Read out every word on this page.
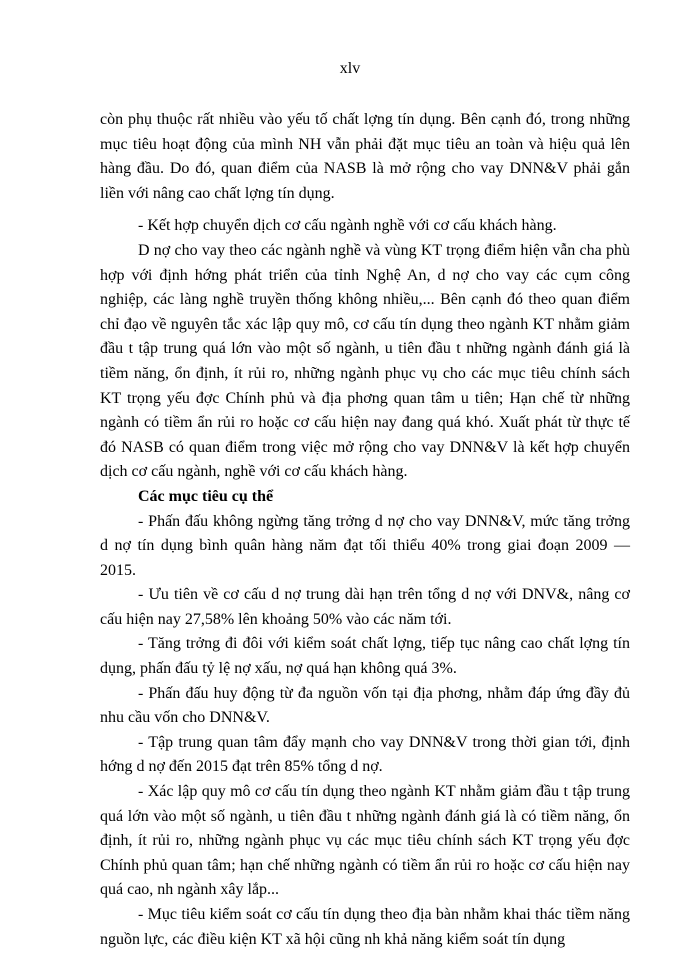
xlv

còn phụ thuộc rất nhiều vào yếu tố chất lợng tín dụng. Bên cạnh đó, trong những mục tiêu hoạt động của mình NH vẫn phải đặt mục tiêu an toàn và hiệu quả lên hàng đầu. Do đó, quan điểm của NASB là mở rộng cho vay DNN&V phải gắn liền với nâng cao chất lợng tín dụng.

- Kết hợp chuyển dịch cơ cấu ngành nghề với cơ cấu khách hàng.

D nợ cho vay theo các ngành nghề và vùng KT trọng điểm hiện vẫn cha phù hợp với định hớng phát triển của tỉnh Nghệ An, d nợ cho vay các cụm công nghiệp, các làng nghề truyền thống không nhiều,... Bên cạnh đó theo quan điểm chỉ đạo về nguyên tắc xác lập quy mô, cơ cấu tín dụng theo ngành KT nhằm giảm đầu t tập trung quá lớn vào một số ngành, u tiên đầu t những ngành đánh giá là tiềm năng, ổn định, ít rủi ro, những ngành phục vụ cho các mục tiêu chính sách KT trọng yếu đợc Chính phủ và địa phơng quan tâm u tiên; Hạn chế từ những ngành có tiềm ẩn rủi ro hoặc cơ cấu hiện nay đang quá khó. Xuất phát từ thực tế đó NASB có quan điểm trong việc mở rộng cho vay DNN&V là kết hợp chuyển dịch cơ cấu ngành, nghề với cơ cấu khách hàng.

Các mục tiêu cụ thể

- Phấn đấu không ngừng tăng trởng d nợ cho vay DNN&V, mức tăng trởng d nợ tín dụng bình quân hàng năm đạt tối thiểu 40% trong giai đoạn 2009 — 2015.

- Ưu tiên về cơ cấu d nợ trung dài hạn trên tổng d nợ với DNV&, nâng cơ cấu hiện nay 27,58% lên khoảng 50% vào các năm tới.

- Tăng trởng đi đôi với kiểm soát chất lợng, tiếp tục nâng cao chất lợng tín dụng, phấn đấu tỷ lệ nợ xấu, nợ quá hạn không quá 3%.

- Phấn đấu huy động từ đa nguồn vốn tại địa phơng, nhằm đáp ứng đầy đủ nhu cầu vốn cho DNN&V.

- Tập trung quan tâm đẩy mạnh cho vay DNN&V trong thời gian tới, định hớng d nợ đến 2015 đạt trên 85% tổng d nợ.

- Xác lập quy mô cơ cấu tín dụng theo ngành KT nhằm giảm đầu t tập trung quá lớn vào một số ngành, u tiên đầu t những ngành đánh giá là có tiềm năng, ổn định, ít rủi ro, những ngành phục vụ các mục tiêu chính sách KT trọng yếu đợc Chính phủ quan tâm; hạn chế những ngành có tiềm ẩn rủi ro hoặc cơ cấu hiện nay quá cao, nh ngành xây lắp...

- Mục tiêu kiểm soát cơ cấu tín dụng theo địa bàn nhằm khai thác tiềm năng nguồn lực, các điều kiện KT xã hội cũng nh khả năng kiểm soát tín dụng
